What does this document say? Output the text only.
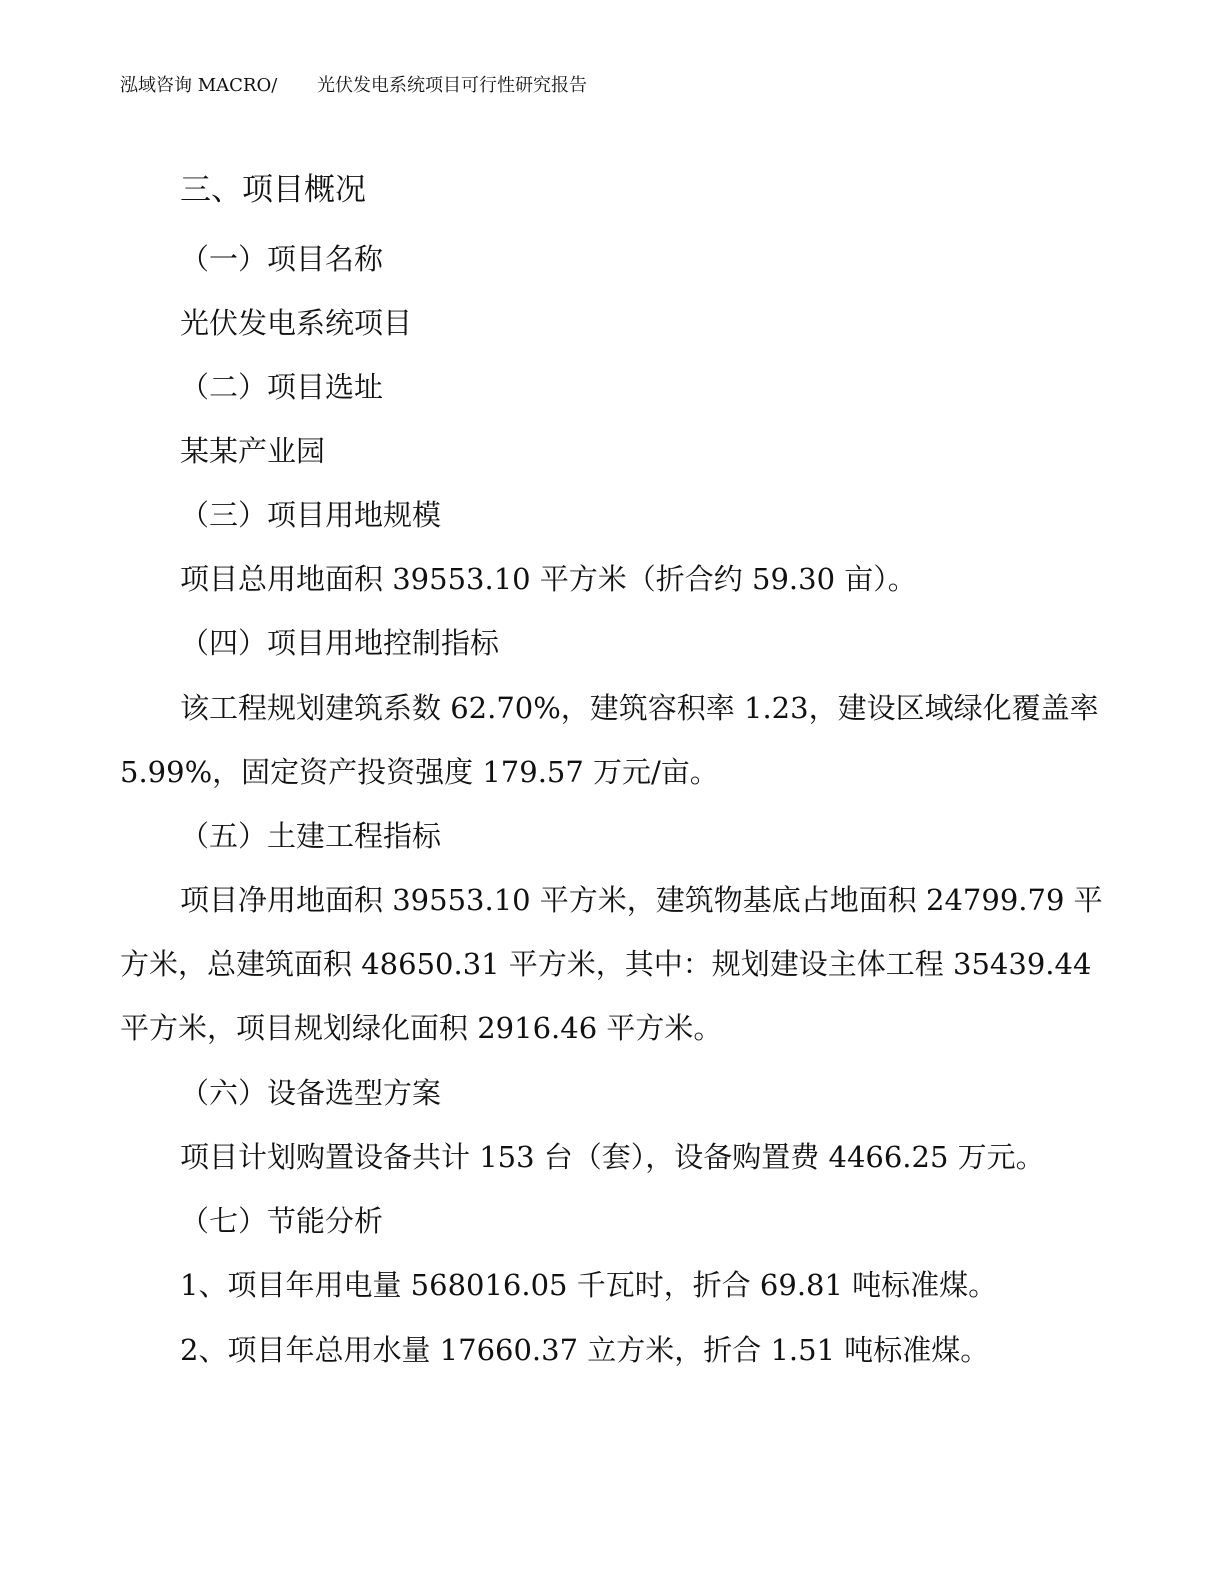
泓域咨询 MACRO/ 光伏发电系统项目可行性研究报告
三、项目概况
（一）项目名称
光伏发电系统项目
（二）项目选址
某某产业园
（三）项目用地规模
项目总用地面积 39553.10 平方米（折合约 59.30 亩）。
（四）项目用地控制指标
该工程规划建筑系数 62.70%，建筑容积率 1.23，建设区域绿化覆盖率
5.99%，固定资产投资强度 179.57 万元/亩。
（五）土建工程指标
项目净用地面积 39553.10 平方米，建筑物基底占地面积 24799.79 平
方米，总建筑面积 48650.31 平方米，其中：规划建设主体工程 35439.44
平方米，项目规划绿化面积 2916.46 平方米。
（六）设备选型方案
项目计划购置设备共计 153 台（套），设备购置费 4466.25 万元。
（七）节能分析
1、项目年用电量 568016.05 千瓦时，折合 69.81 吨标准煤。
2、项目年总用水量 17660.37 立方米，折合 1.51 吨标准煤。
